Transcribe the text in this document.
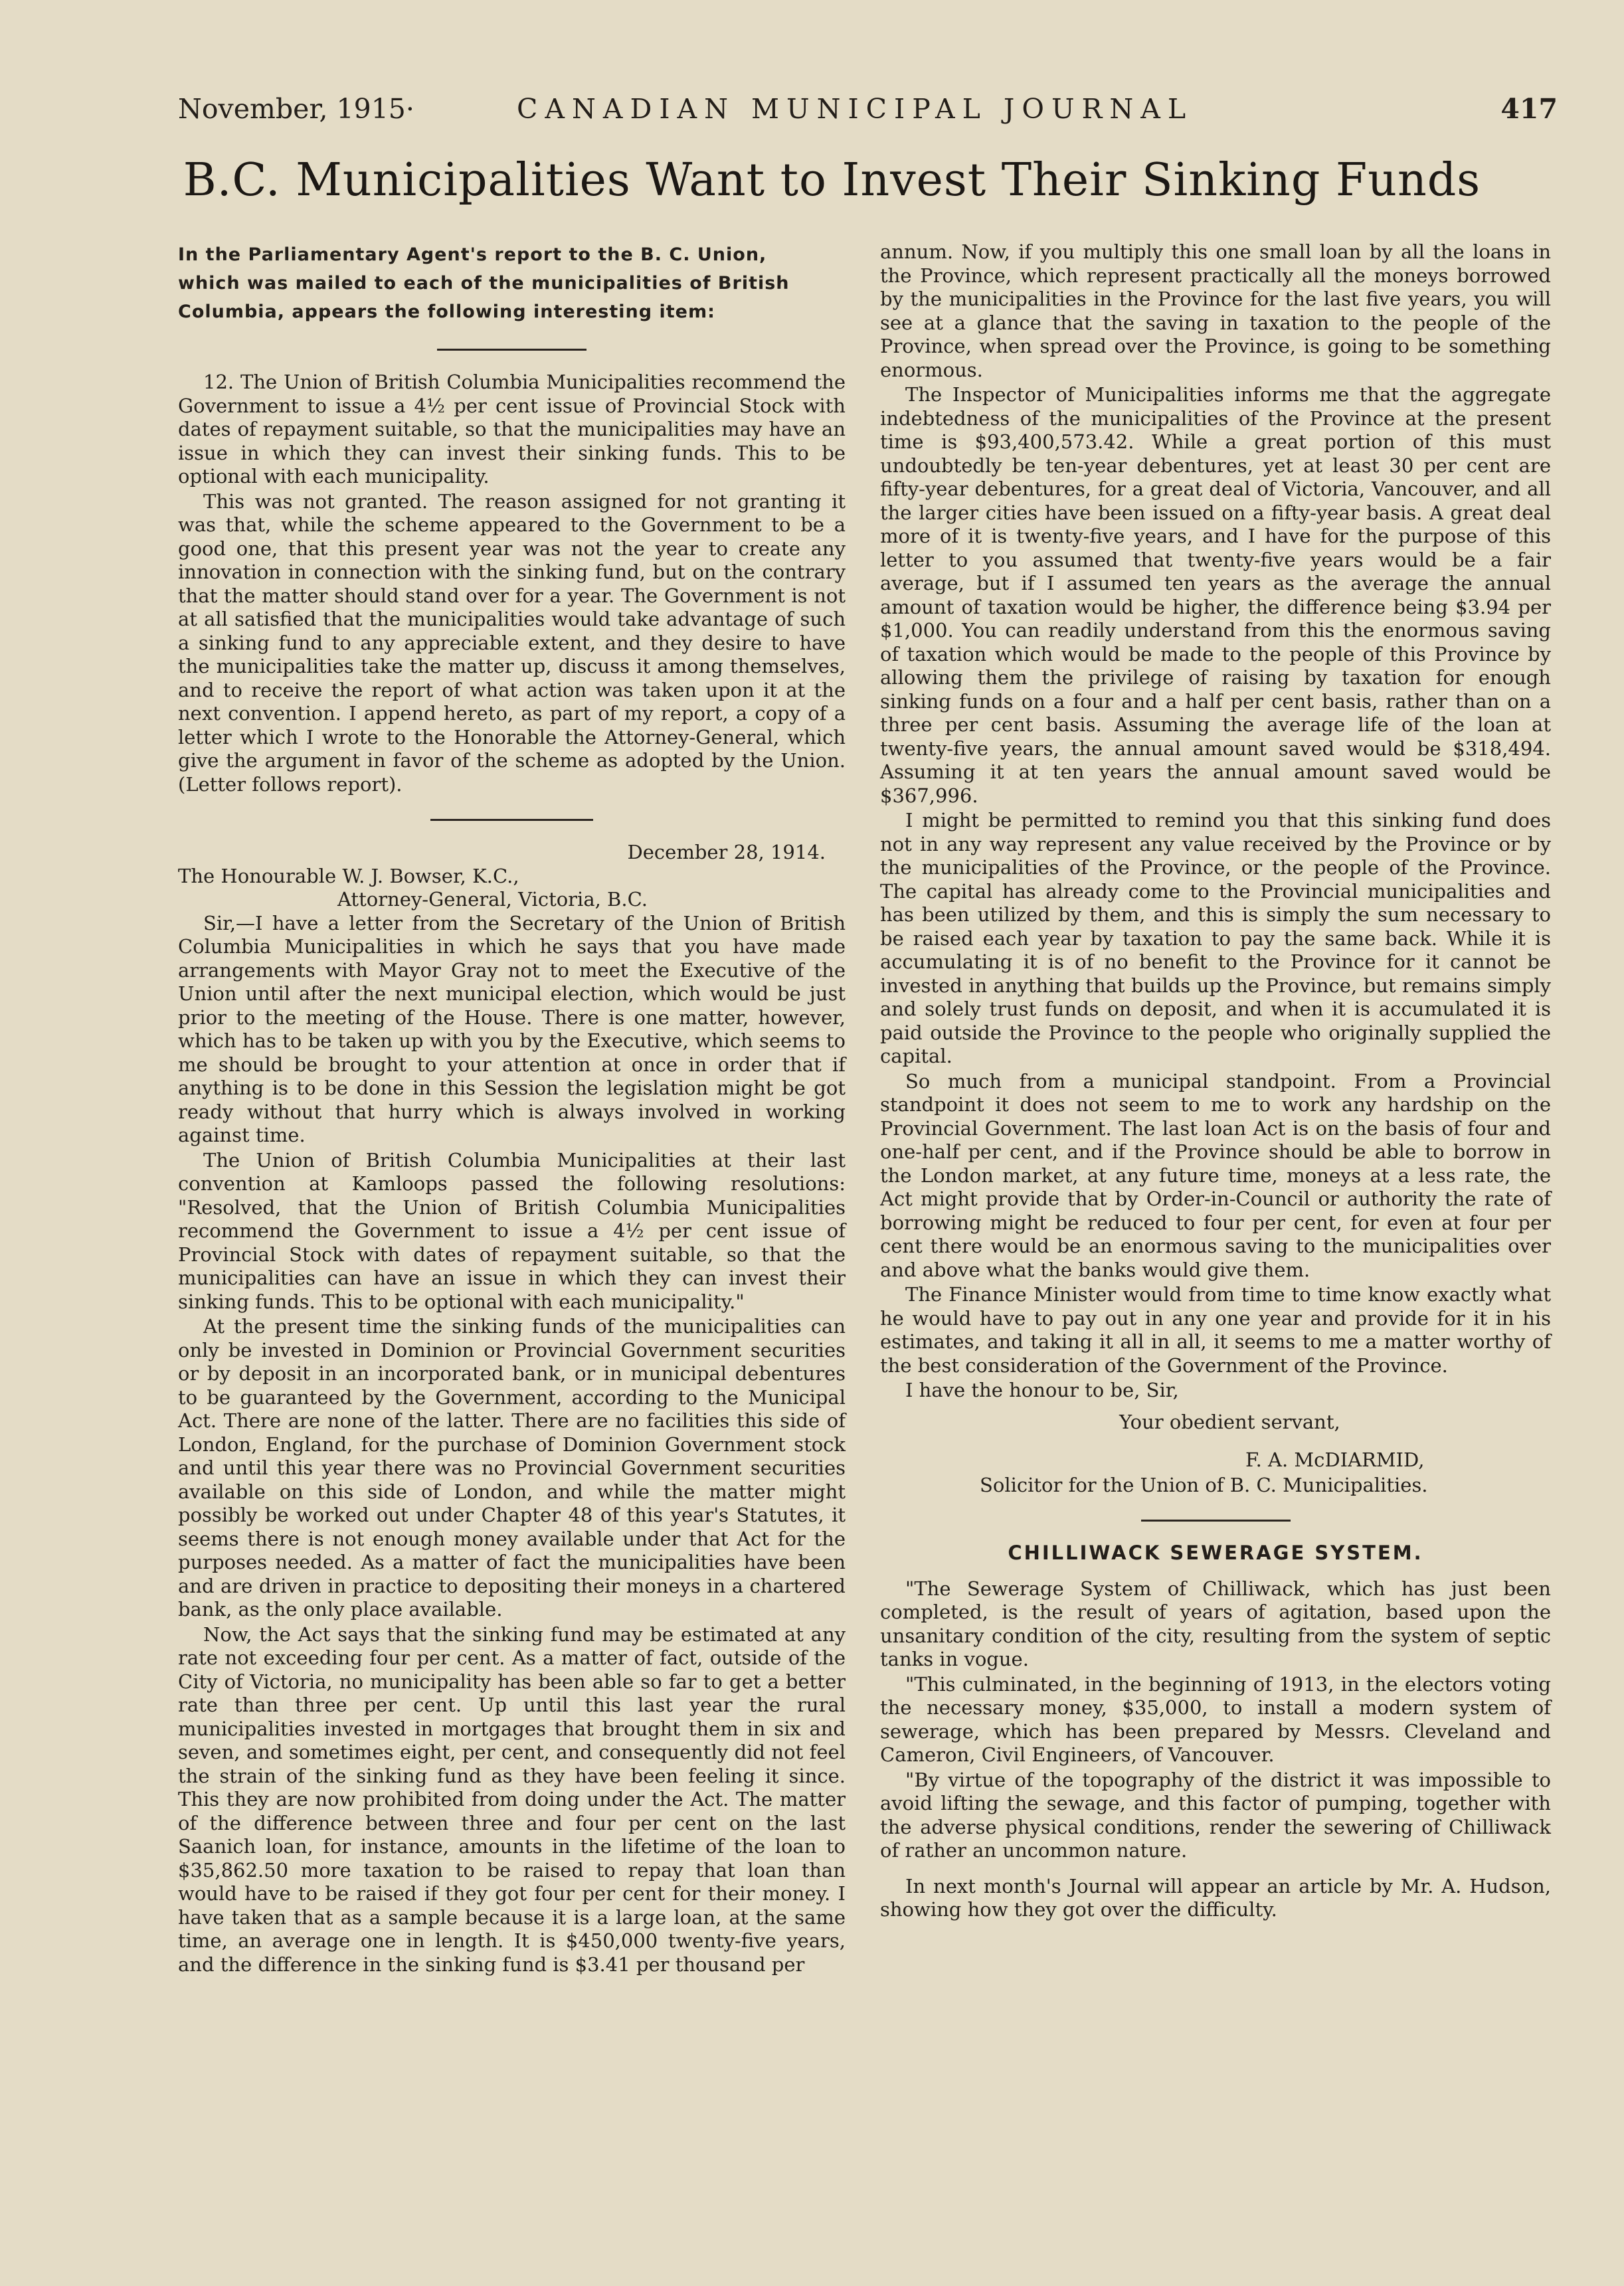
November, 1915·	CANADIAN MUNICIPAL JOURNAL	417
B.C. Municipalities Want to Invest Their Sinking Funds

In the Parliamentary Agent's report to the B. C. Union, which was mailed to each of the municipalities of British Columbia, appears the following interesting item:

12. The Union of British Columbia Municipalities recommend the Government to issue a 4½ per cent issue of Provincial Stock with dates of repayment suitable, so that the municipalities may have an issue in which they can invest their sinking funds. This to be optional with each municipality.

This was not granted. The reason assigned for not granting it was that, while the scheme appeared to the Government to be a good one, that this present year was not the year to create any innovation in connection with the sinking fund, but on the contrary that the matter should stand over for a year. The Government is not at all satisfied that the municipalities would take advantage of such a sinking fund to any appreciable extent, and they desire to have the municipalities take the matter up, discuss it among themselves, and to receive the report of what action was taken upon it at the next convention. I append hereto, as part of my report, a copy of a letter which I wrote to the Honorable the Attorney-General, which give the argument in favor of the scheme as adopted by the Union. (Letter follows report).

December 28, 1914.

The Honourable W. J. Bowser, K.C.,

Attorney-General, Victoria, B.C.

Sir,—I have a letter from the Secretary of the Union of British Columbia Municipalities in which he says that you have made arrangements with Mayor Gray not to meet the Executive of the Union until after the next municipal election, which would be just prior to the meeting of the House. There is one matter, however, which has to be taken up with you by the Executive, which seems to me should be brought to your attention at once in order that if anything is to be done in this Session the legislation might be got ready without that hurry which is always involved in working against time.

The Union of British Columbia Municipalities at their last convention at Kamloops passed the following resolutions: "Resolved, that the Union of British Columbia Municipalities recommend the Government to issue a 4½ per cent issue of Provincial Stock with dates of repayment suitable, so that the municipalities can have an issue in which they can invest their sinking funds. This to be optional with each municipality."

At the present time the sinking funds of the municipalities can only be invested in Dominion or Provincial Government securities or by deposit in an incorporated bank, or in municipal debentures to be guaranteed by the Government, according to the Municipal Act. There are none of the latter. There are no facilities this side of London, England, for the purchase of Dominion Government stock and until this year there was no Provincial Government securities available on this side of London, and while the matter might possibly be worked out under Chapter 48 of this year's Statutes, it seems there is not enough money available under that Act for the purposes needed. As a matter of fact the municipalities have been and are driven in practice to depositing their moneys in a chartered bank, as the only place available.

Now, the Act says that the sinking fund may be estimated at any rate not exceeding four per cent. As a matter of fact, outside of the City of Victoria, no municipality has been able so far to get a better rate than three per cent. Up until this last year the rural municipalities invested in mortgages that brought them in six and seven, and sometimes eight, per cent, and consequently did not feel the strain of the sinking fund as they have been feeling it since. This they are now prohibited from doing under the Act. The matter of the difference between three and four per cent on the last Saanich loan, for instance, amounts in the lifetime of the loan to $35,862.50 more taxation to be raised to repay that loan than would have to be raised if they got four per cent for their money. I have taken that as a sample because it is a large loan, at the same time, an average one in length. It is $450,000 twenty-five years, and the difference in the sinking fund is $3.41 per thousand per

annum. Now, if you multiply this one small loan by all the loans in the Province, which represent practically all the moneys borrowed by the municipalities in the Province for the last five years, you will see at a glance that the saving in taxation to the people of the Province, when spread over the Province, is going to be something enormous.

The Inspector of Municipalities informs me that the aggregate indebtedness of the municipalities of the Province at the present time is $93,400,573.42. While a great portion of this must undoubtedly be ten-year debentures, yet at least 30 per cent are fifty-year debentures, for a great deal of Victoria, Vancouver, and all the larger cities have been issued on a fifty-year basis. A great deal more of it is twenty-five years, and I have for the purpose of this letter to you assumed that twenty-five years would be a fair average, but if I assumed ten years as the average the annual amount of taxation would be higher, the difference being $3.94 per $1,000. You can readily understand from this the enormous saving of taxation which would be made to the people of this Province by allowing them the privilege of raising by taxation for enough sinking funds on a four and a half per cent basis, rather than on a three per cent basis. Assuming the average life of the loan at twenty-five years, the annual amount saved would be $318,494. Assuming it at ten years the annual amount saved would be $367,996.

I might be permitted to remind you that this sinking fund does not in any way represent any value received by the Province or by the municipalities of the Province, or the people of the Province. The capital has already come to the Provincial municipalities and has been utilized by them, and this is simply the sum necessary to be raised each year by taxation to pay the same back. While it is accumulating it is of no benefit to the Province for it cannot be invested in anything that builds up the Province, but remains simply and solely trust funds on deposit, and when it is accumulated it is paid outside the Province to the people who originally supplied the capital.

So much from a municipal standpoint. From a Provincial standpoint it does not seem to me to work any hardship on the Provincial Government. The last loan Act is on the basis of four and one-half per cent, and if the Province should be able to borrow in the London market, at any future time, moneys at a less rate, the Act might provide that by Order-in-Council or authority the rate of borrowing might be reduced to four per cent, for even at four per cent there would be an enormous saving to the municipalities over and above what the banks would give them.

The Finance Minister would from time to time know exactly what he would have to pay out in any one year and provide for it in his estimates, and taking it all in all, it seems to me a matter worthy of the best consideration of the Government of the Province.

I have the honour to be, Sir,

Your obedient servant,

F. A. McDIARMID,

Solicitor for the Union of B. C. Municipalities.

CHILLIWACK SEWERAGE SYSTEM.

"The Sewerage System of Chilliwack, which has just been completed, is the result of years of agitation, based upon the unsanitary condition of the city, resulting from the system of septic tanks in vogue.

"This culminated, in the beginning of 1913, in the electors voting the necessary money, $35,000, to install a modern system of sewerage, which has been prepared by Messrs. Cleveland and Cameron, Civil Engineers, of Vancouver.

"By virtue of the topography of the district it was impossible to avoid lifting the sewage, and this factor of pumping, together with the adverse physical conditions, render the sewering of Chilliwack of rather an uncommon nature.

In next month's Journal will appear an article by Mr. A. Hudson, showing how they got over the difficulty.
